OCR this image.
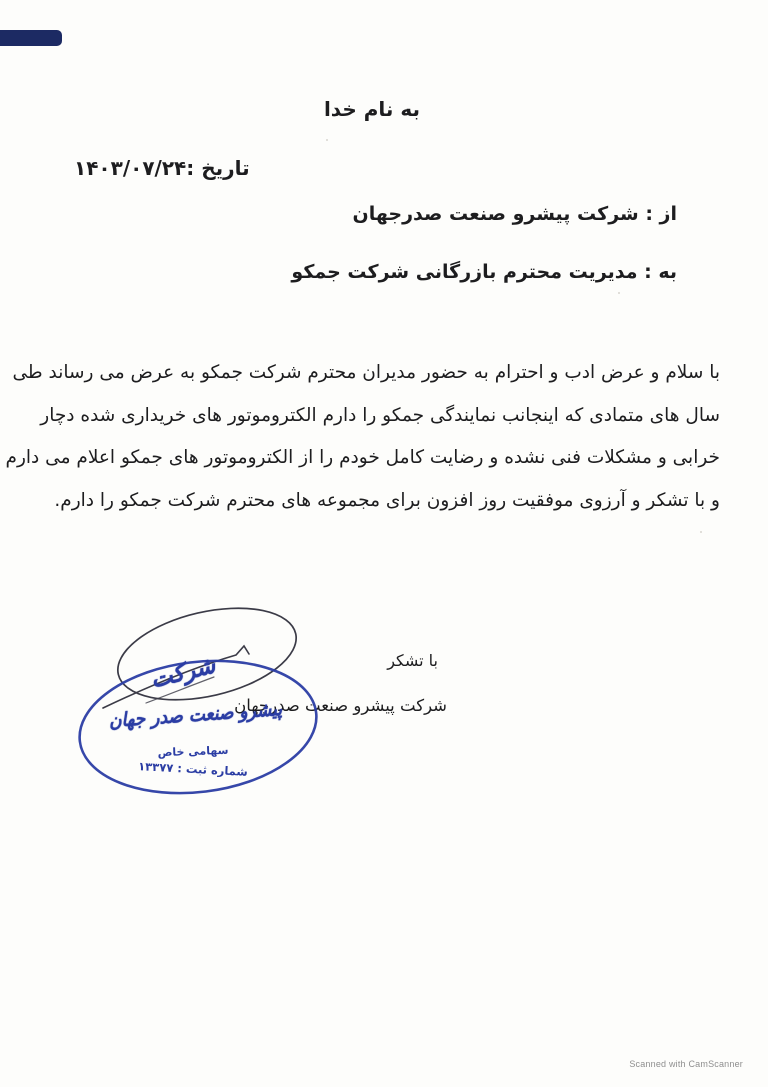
به نام خدا
تاریخ :۱۴۰۳/۰۷/۲۴
از : شرکت پیشرو صنعت صدرجهان
به : مدیریت محترم بازرگانی شرکت جمکو
با سلام و عرض ادب و احترام به حضور مدیران محترم شرکت جمکو به عرض می رساند طی
سال های متمادی که اینجانب نمایندگی جمکو را دارم الکتروموتور های خریداری شده دچار
خرابی و مشکلات فنی نشده و رضایت کامل خودم را از الکتروموتور های جمکو اعلام می دارم
و با تشکر و آرزوی موفقیت روز افزون برای مجموعه های محترم شرکت جمکو را دارم.
با تشکر
شرکت پیشرو صنعت صدرجهان
شرکت
پیشرو صنعت صدر جهان
سهامی خاص
شماره ثبت : ۱۳۳۷۷
Scanned with CamScanner
